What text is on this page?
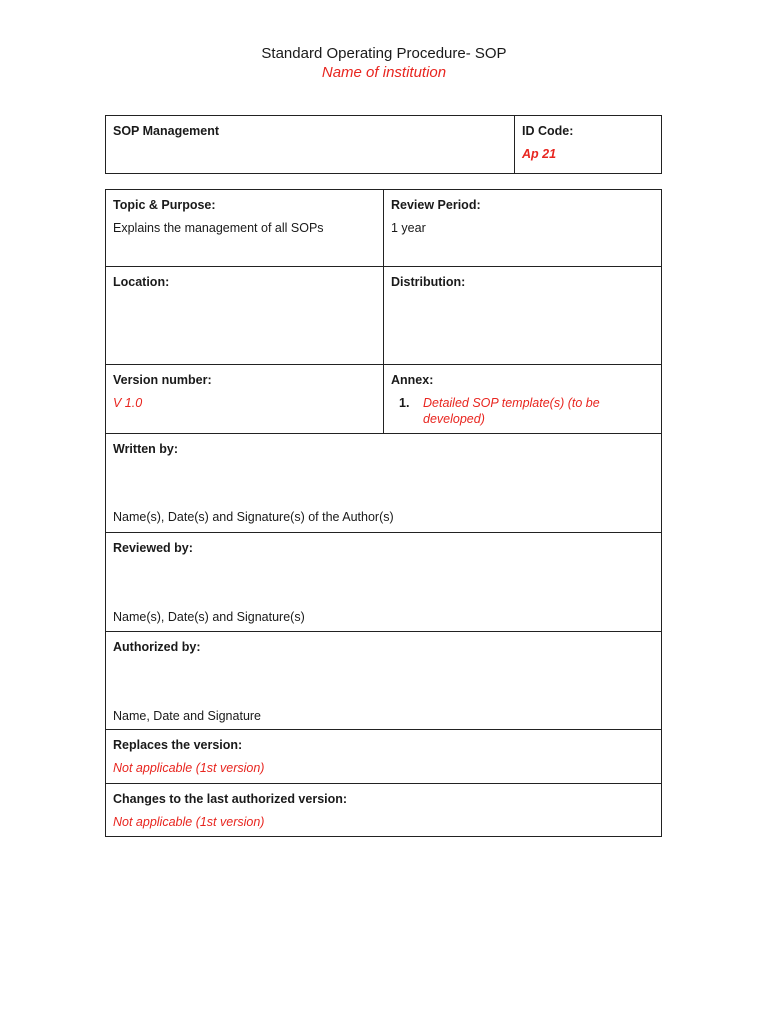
Standard Operating Procedure- SOP
Name of institution
SOP Management	ID Code:
Ap 21
Topic & Purpose:
Explains the management of all SOPs
Review Period:
1 year
Location:	Distribution:
Version number:
V 1.0
Annex:
1.	Detailed SOP template(s) (to be developed)
Written by:
Name(s), Date(s) and Signature(s) of the Author(s)
Reviewed by:
Name(s), Date(s) and Signature(s)
Authorized by:
Name, Date and Signature
Replaces the version:
Not applicable (1st version)
Changes to the last authorized version:
Not applicable (1st version)
